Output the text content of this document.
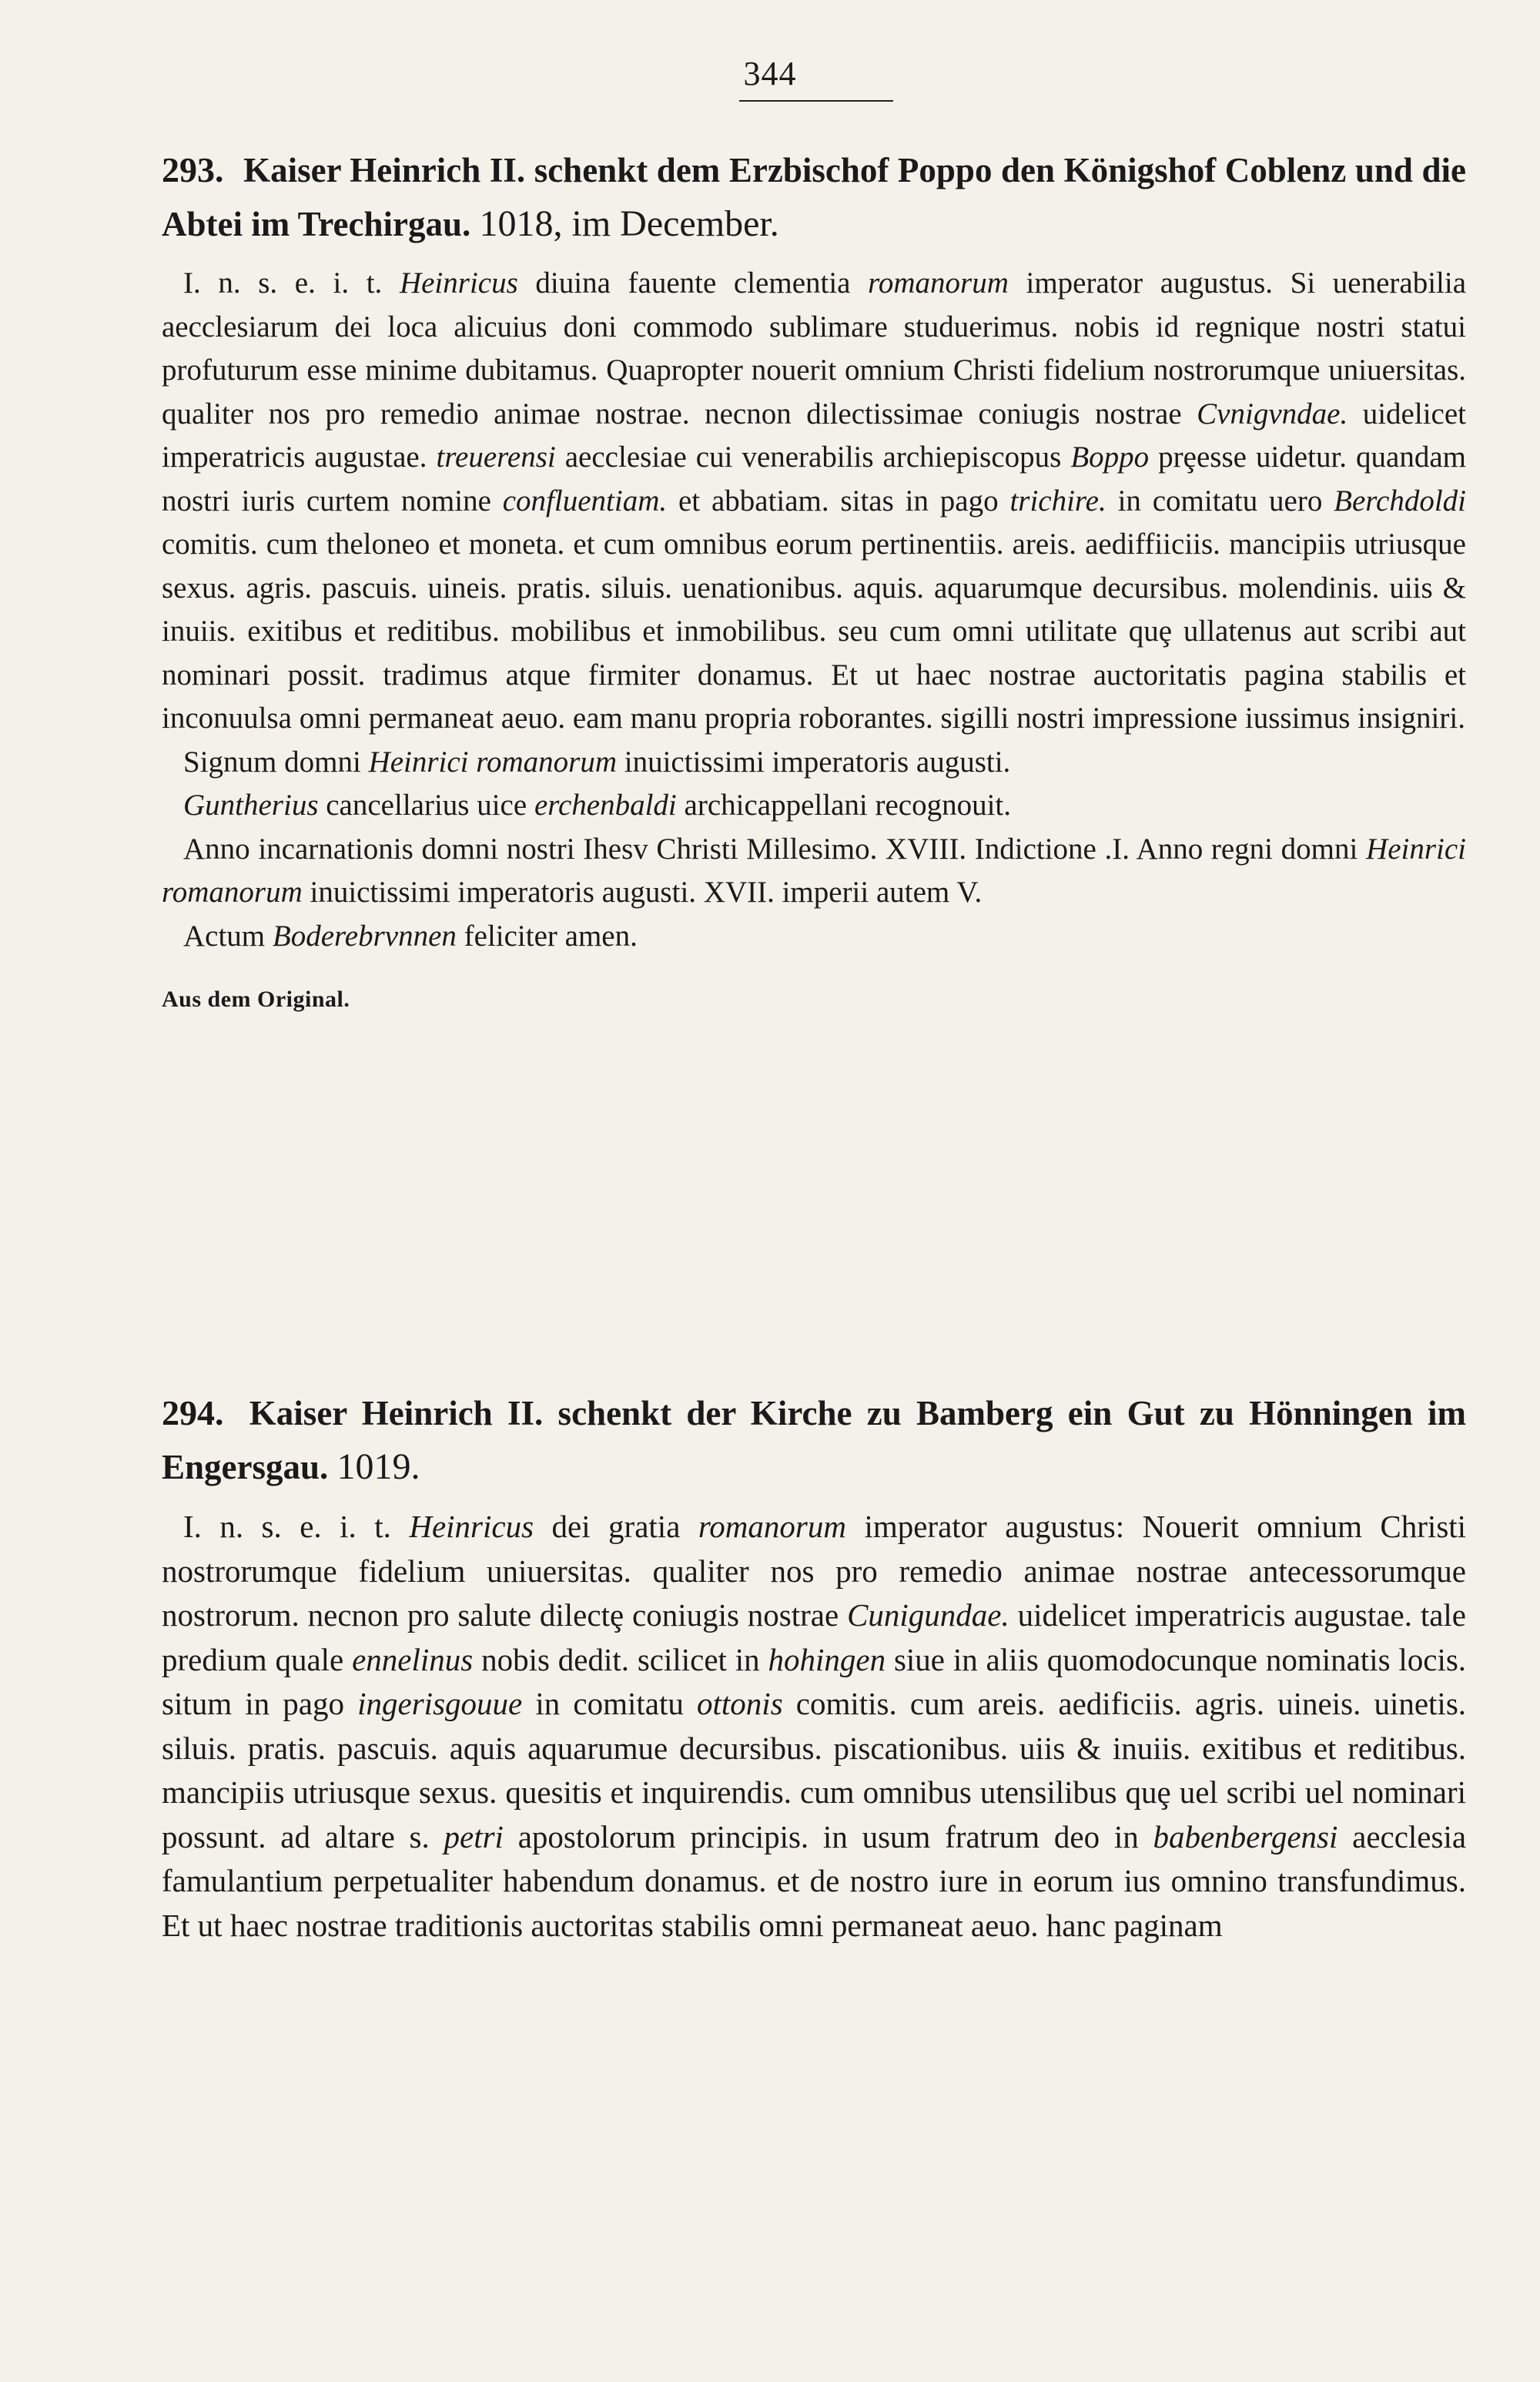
344
293. Kaiser Heinrich II. schenkt dem Erzbischof Poppo den Königshof Coblenz und die Abtei im Trechirgau. 1018, im December.

I. n. s. e. i. t. Heinricus diuina fauente clementia romanorum imperator augustus. Si uenerabilia aecclesiarum dei loca alicuius doni commodo sublimare studuerimus. nobis id regnique nostri statui profuturum esse minime dubitamus. Quapropter nouerit omnium Christi fidelium nostrorumque uniuersitas. qualiter nos pro remedio animae nostrae. necnon dilectissimae coniugis nostrae Cvnigvndae. uidelicet imperatricis augustae. treuerensi aecclesiae cui venerabilis archiepiscopus Boppo prȩesse uidetur. quandam nostri iuris curtem nomine confluentiam. et abbatiam. sitas in pago trichire. in comitatu uero Berchdoldi comitis. cum theloneo et moneta. et cum omnibus eorum pertinentiis. areis. aediffiiciis. mancipiis utriusque sexus. agris. pascuis. uineis. pratis. siluis. uenationibus. aquis. aquarumque decursibus. molendinis. uiis & inuiis. exitibus et reditibus. mobilibus et inmobilibus. seu cum omni utilitate quȩ ullatenus aut scribi aut nominari possit. tradimus atque firmiter donamus. Et ut haec nostrae auctoritatis pagina stabilis et inconuulsa omni permaneat aeuo. eam manu propria roborantes. sigilli nostri impressione iussimus insigniri.

Signum domni Heinrici romanorum inuictissimi imperatoris augusti.

Guntherius cancellarius uice erchenbaldi archicappellani recognouit.

Anno incarnationis domni nostri Ihesv Christi Millesimo. XVIII. Indictione .I. Anno regni domni Heinrici romanorum inuictissimi imperatoris augusti. XVII. imperii autem V.

Actum Boderebrvnnen feliciter amen.

Aus dem Original.
294. Kaiser Heinrich II. schenkt der Kirche zu Bamberg ein Gut zu Hönningen im Engersgau. 1019.

I. n. s. e. i. t. Heinricus dei gratia romanorum imperator augustus: Nouerit omnium Christi nostrorumque fidelium uniuersitas. qualiter nos pro remedio animae nostrae antecessorumque nostrorum. necnon pro salute dilectȩ coniugis nostrae Cunigundae. uidelicet imperatricis augustae. tale predium quale ennelinus nobis dedit. scilicet in hohingen siue in aliis quomodocunque nominatis locis. situm in pago ingerisgouue in comitatu ottonis comitis. cum areis. aedificiis. agris. uineis. uinetis. siluis. pratis. pascuis. aquis aquarumue decursibus. piscationibus. uiis & inuiis. exitibus et reditibus. mancipiis utriusque sexus. quesitis et inquirendis. cum omnibus utensilibus quȩ uel scribi uel nominari possunt. ad altare s. petri apostolorum principis. in usum fratrum deo in babenbergensi aecclesia famulantium perpetualiter habendum donamus. et de nostro iure in eorum ius omnino transfundimus. Et ut haec nostrae traditionis auctoritas stabilis omni permaneat aeuo. hanc paginam
